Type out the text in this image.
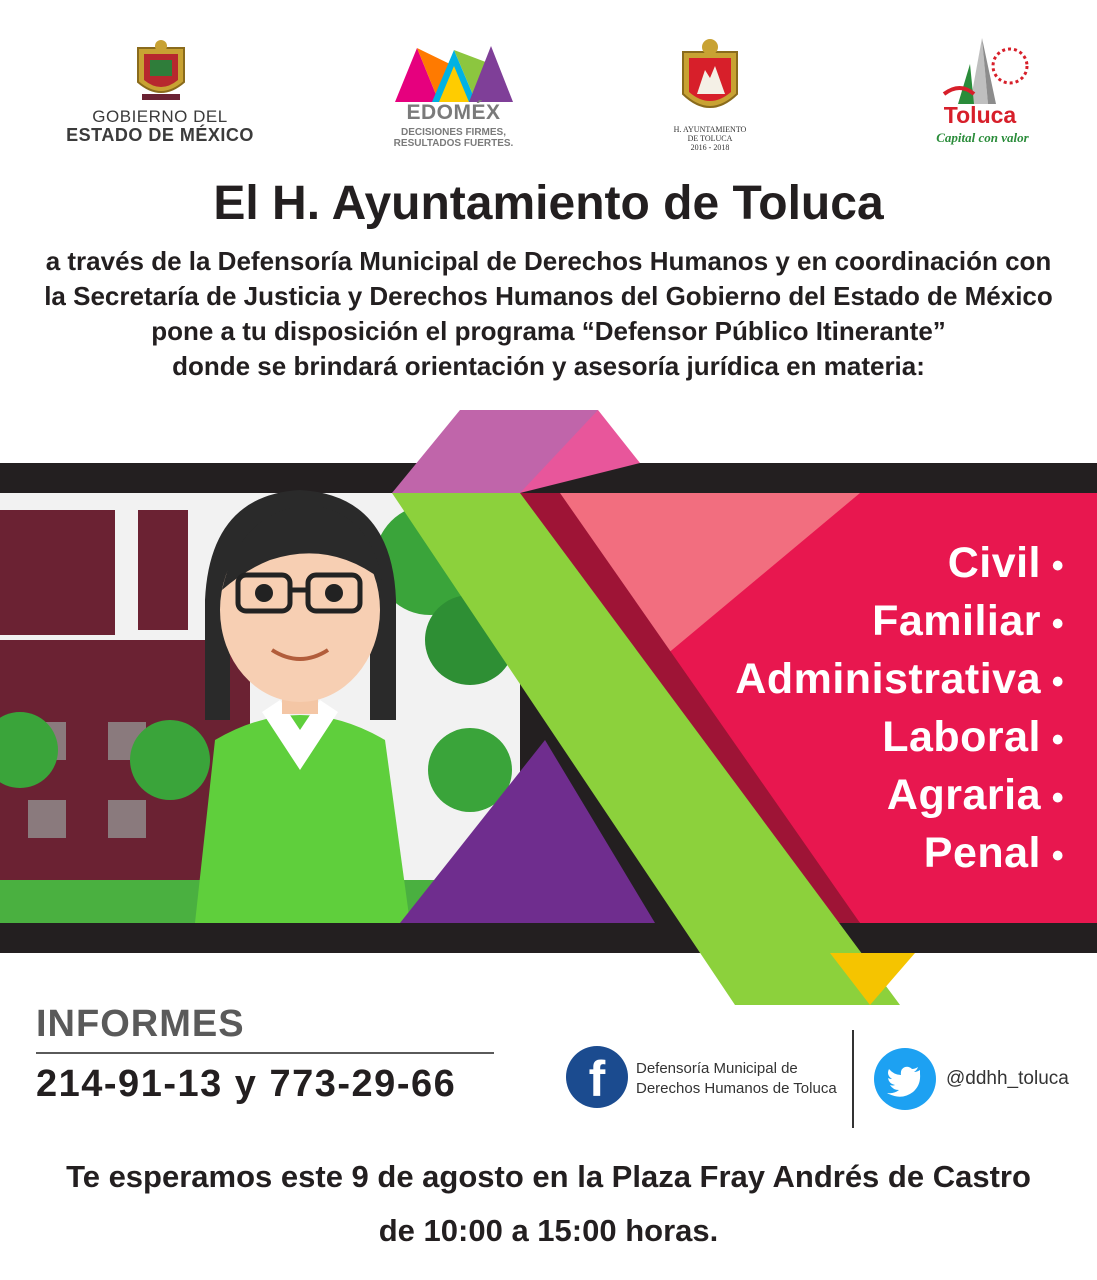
GOBIERNO DEL
ESTADO DE MÉXICO
EDOMÉX
DECISIONES FIRMES,
RESULTADOS FUERTES.
H. AYUNTAMIENTO
DE TOLUCA
2016 - 2018
Toluca
Capital con valor
El H. Ayuntamiento de Toluca
a través de la Defensoría Municipal de Derechos Humanos y en coordinación con
la Secretaría de Justicia y Derechos Humanos del Gobierno del Estado de México
pone a tu disposición el programa “Defensor Público Itinerante”
donde se brindará orientación y asesoría jurídica en materia:
Civil •
Familiar •
Administrativa •
Laboral •
Agraria •
Penal •
INFORMES
214-91-13 y 773-29-66	f	Defensoría Municipal de
Derechos Humanos de Toluca	@ddhh_toluca
Te esperamos este 9 de agosto en la Plaza Fray Andrés de Castro
de 10:00 a 15:00 horas.
